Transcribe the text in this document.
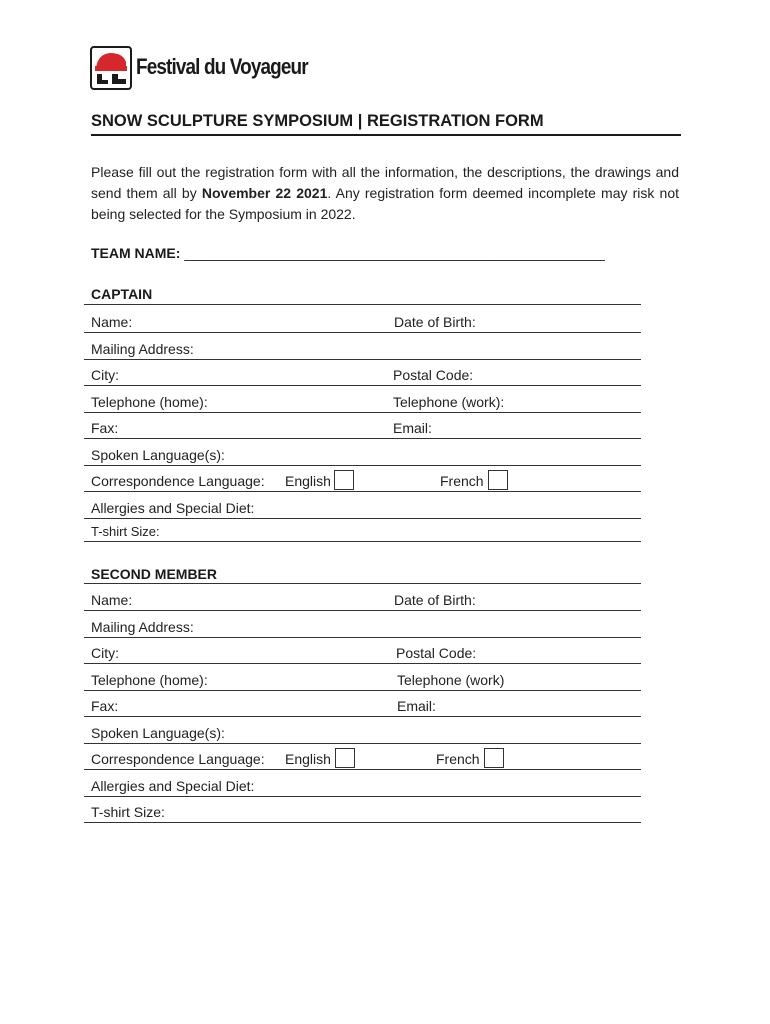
Festival du Voyageur
SNOW SCULPTURE SYMPOSIUM | REGISTRATION FORM
Please fill out the registration form with all the information, the descriptions, the drawings and send them all by November 22 2021. Any registration form deemed incomplete may risk not being selected for the Symposium in 2022.
TEAM NAME: ______________________________________________________
CAPTAIN
Name:	Date of Birth:
Mailing Address:
City:	Postal Code:
Telephone (home):	Telephone (work):
Fax:	Email:
Spoken Language(s):
Correspondence Language: English	French
Allergies and Special Diet:
T-shirt Size:
SECOND MEMBER
Name:	Date of Birth:
Mailing Address:
City:	Postal Code:
Telephone (home):	Telephone (work)
Fax:	Email:
Spoken Language(s):
Correspondence Language: English	French
Allergies and Special Diet:
T-shirt Size:
